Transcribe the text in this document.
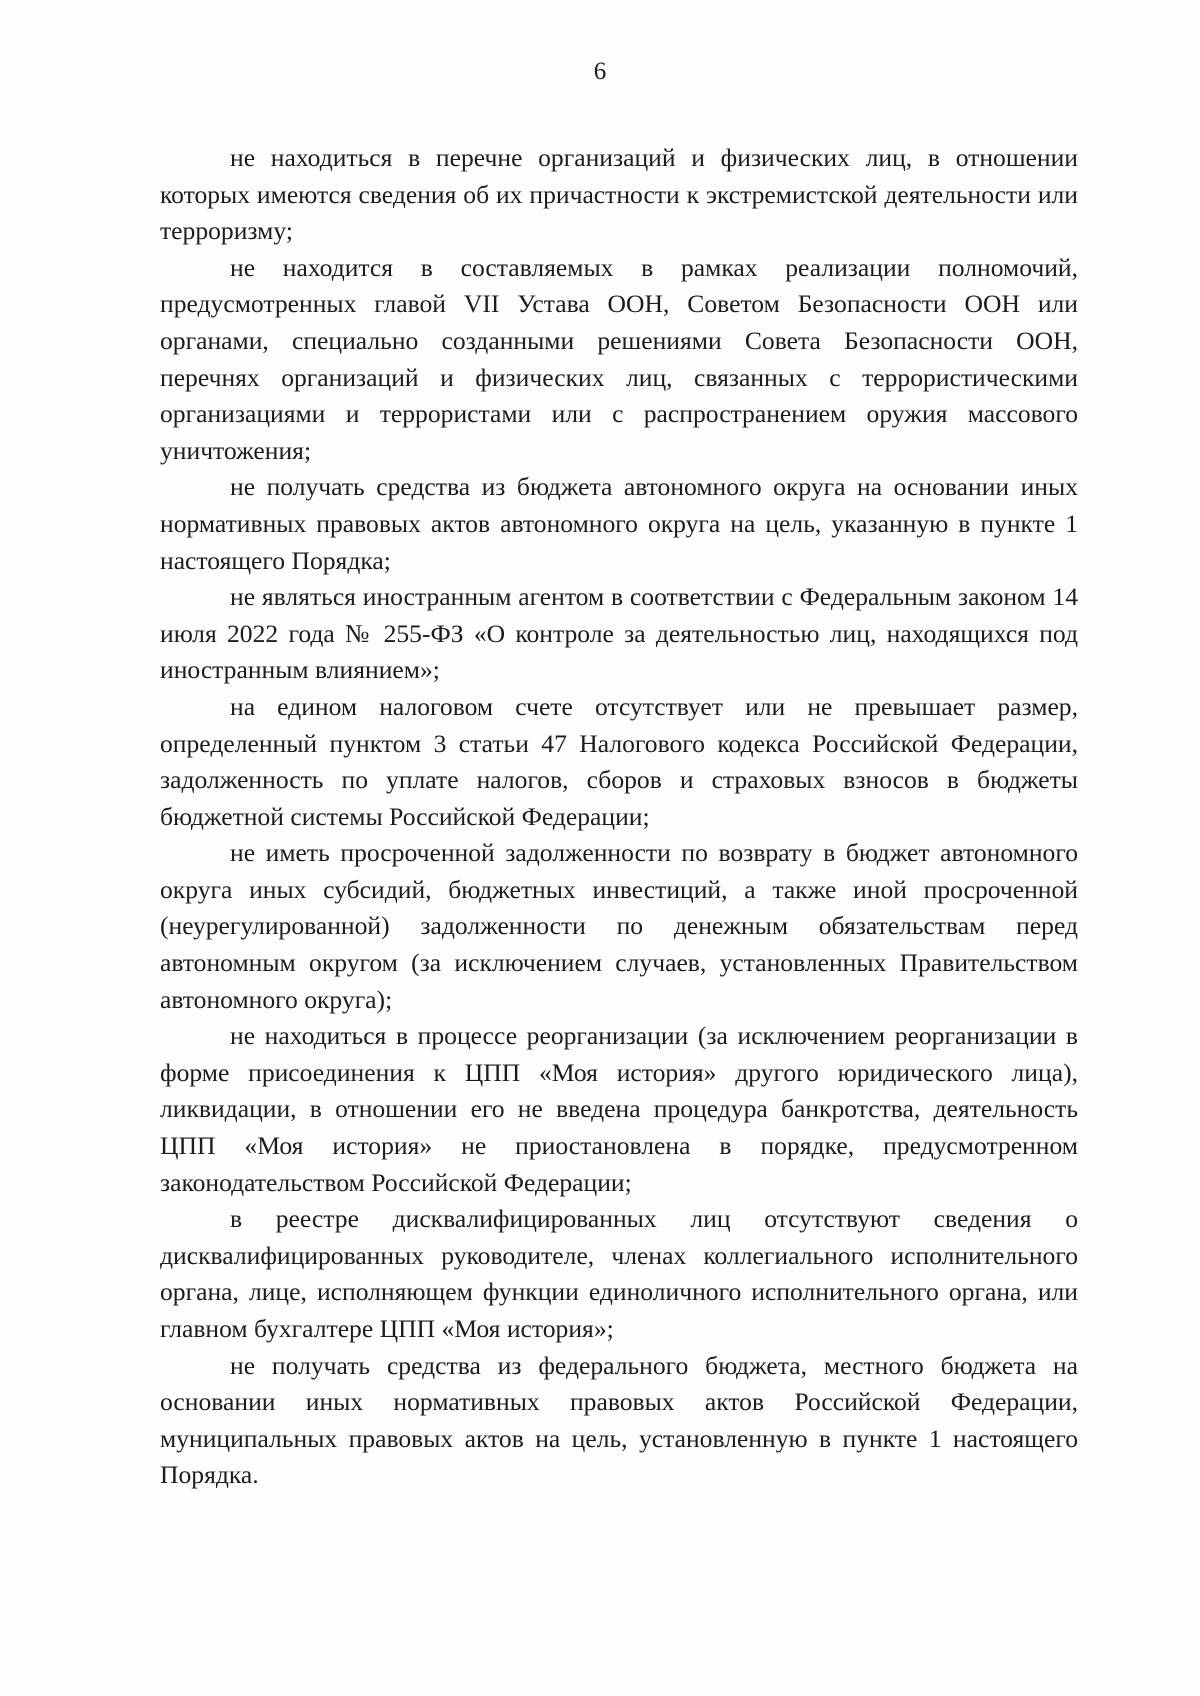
6

не находиться в перечне организаций и физических лиц, в отношении которых имеются сведения об их причастности к экстремистской деятельности или терроризму;

не находится в составляемых в рамках реализации полномочий, предусмотренных главой VII Устава ООН, Советом Безопасности ООН или органами, специально созданными решениями Совета Безопасности ООН, перечнях организаций и физических лиц, связанных с террористическими организациями и террористами или с распространением оружия массового уничтожения;

не получать средства из бюджета автономного округа на основании иных нормативных правовых актов автономного округа на цель, указанную в пункте 1 настоящего Порядка;

не являться иностранным агентом в соответствии с Федеральным законом 14 июля 2022 года № 255-ФЗ «О контроле за деятельностью лиц, находящихся под иностранным влиянием»;

на едином налоговом счете отсутствует или не превышает размер, определенный пунктом 3 статьи 47 Налогового кодекса Российской Федерации, задолженность по уплате налогов, сборов и страховых взносов в бюджеты бюджетной системы Российской Федерации;

не иметь просроченной задолженности по возврату в бюджет автономного округа иных субсидий, бюджетных инвестиций, а также иной просроченной (неурегулированной) задолженности по денежным обязательствам перед автономным округом (за исключением случаев, установленных Правительством автономного округа);

не находиться в процессе реорганизации (за исключением реорганизации в форме присоединения к ЦПП «Моя история» другого юридического лица), ликвидации, в отношении его не введена процедура банкротства, деятельность ЦПП «Моя история» не приостановлена в порядке, предусмотренном законодательством Российской Федерации;

в реестре дисквалифицированных лиц отсутствуют сведения о дисквалифицированных руководителе, членах коллегиального исполнительного органа, лице, исполняющем функции единоличного исполнительного органа, или главном бухгалтере ЦПП «Моя история»;

не получать средства из федерального бюджета, местного бюджета на основании иных нормативных правовых актов Российской Федерации, муниципальных правовых актов на цель, установленную в пункте 1 настоящего Порядка.
